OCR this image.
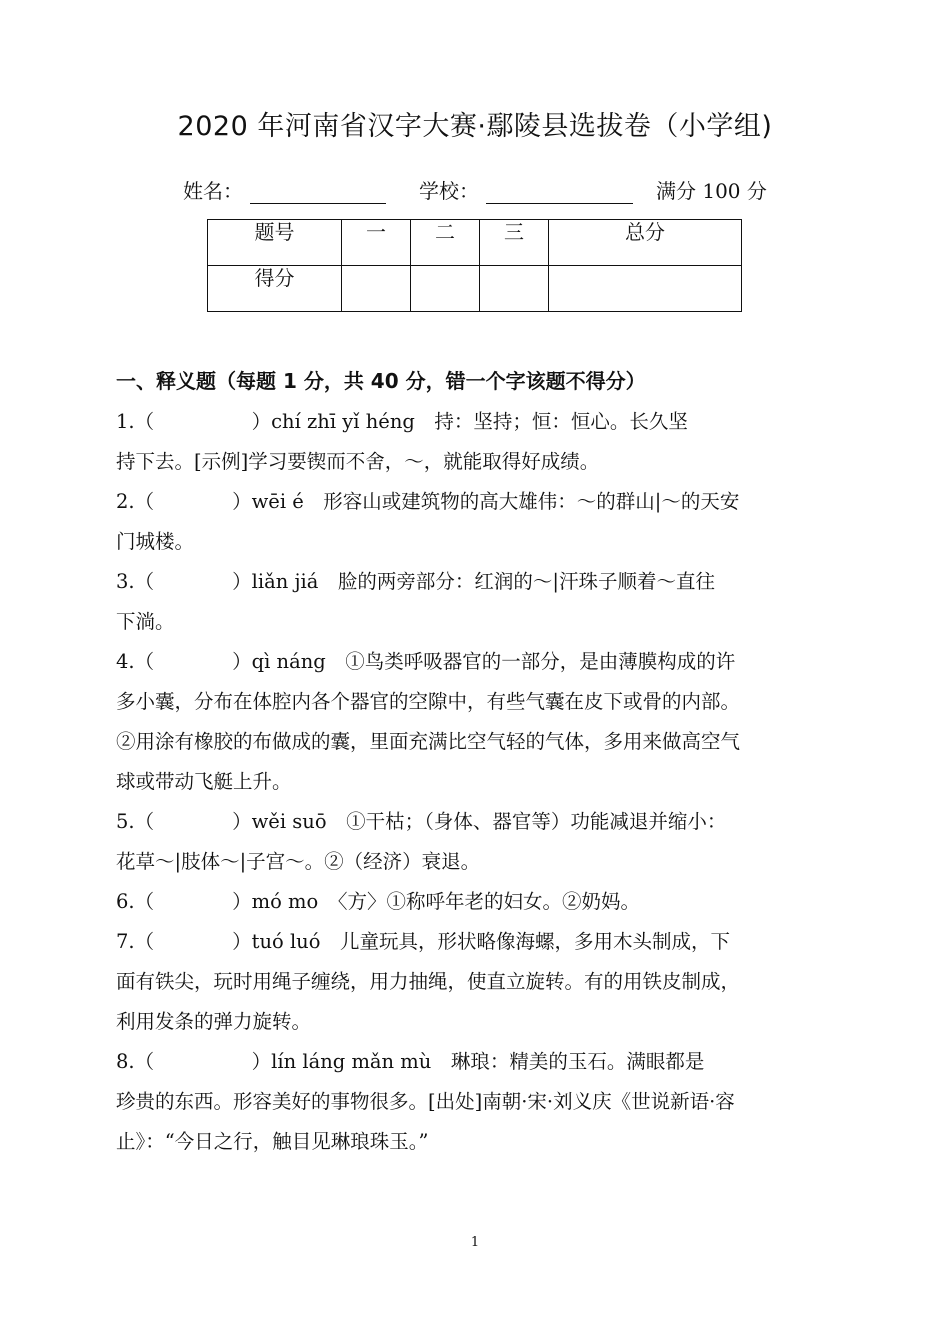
2020 年河南省汉字大赛·鄢陵县选拔卷（小学组)
姓名：	学校：	满分 100 分
题号	一	二	三	总分
得分				
一、释义题（每题 1 分，共 40 分，错一个字该题不得分）
1.（　　　　　）chí zhī yǐ héng　持：坚持；恒：恒心。长久坚
持下去。[示例]学习要锲而不舍，～，就能取得好成绩。
2.（　　　　）wēi é　形容山或建筑物的高大雄伟：～的群山|～的天安
门城楼。
3.（　　　　）liǎn jiá　脸的两旁部分：红润的～|汗珠子顺着～直往
下淌。
4.（　　　　）qì náng　①鸟类呼吸器官的一部分，是由薄膜构成的许
多小囊，分布在体腔内各个器官的空隙中，有些气囊在皮下或骨的内部。
②用涂有橡胶的布做成的囊，里面充满比空气轻的气体，多用来做高空气
球或带动飞艇上升。
5.（　　　　）wěi suō　①干枯；（身体、器官等）功能减退并缩小：
花草～|肢体～|子宫～。②（经济）衰退。
6.（　　　　）mó mo　〈方〉①称呼年老的妇女。②奶妈。
7.（　　　　）tuó luó　儿童玩具，形状略像海螺，多用木头制成，下
面有铁尖，玩时用绳子缠绕，用力抽绳，使直立旋转。有的用铁皮制成，
利用发条的弹力旋转。
8.（　　　　　）lín láng mǎn mù　琳琅：精美的玉石。满眼都是
珍贵的东西。形容美好的事物很多。[出处]南朝·宋·刘义庆《世说新语·容
止》：“今日之行，触目见琳琅珠玉。”
1
